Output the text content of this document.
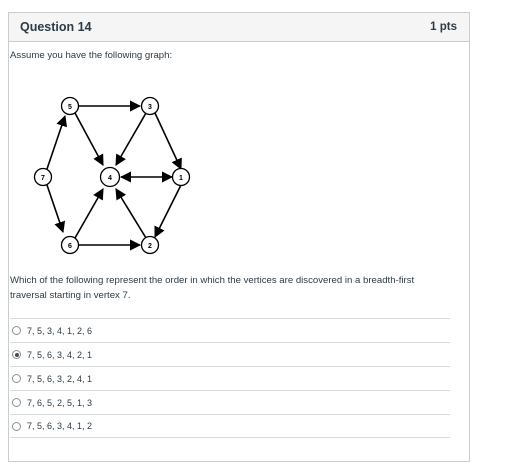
Question 14	1 pts
Assume you have the following graph:
5	3
7	4	1
6	2
Which of the following represent the order in which the vertices are discovered in a breadth-first traversal starting in vertex 7.
7, 5, 3, 4, 1, 2, 6
7, 5, 6, 3, 4, 2, 1
7, 5, 6, 3, 2, 4, 1
7, 6, 5, 2, 5, 1, 3
7, 5, 6, 3, 4, 1, 2
